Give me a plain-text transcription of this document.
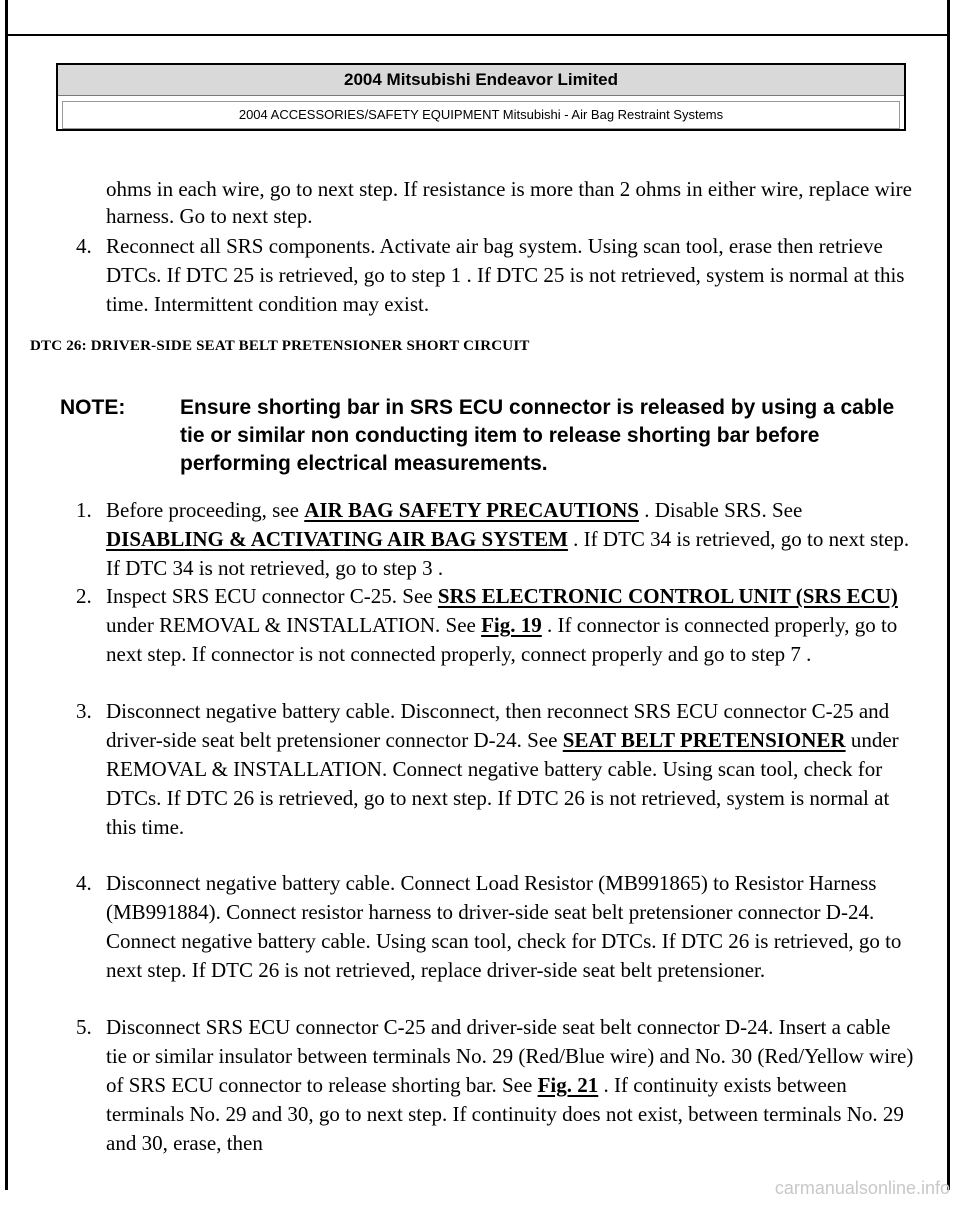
2004 Mitsubishi Endeavor Limited
2004 ACCESSORIES/SAFETY EQUIPMENT Mitsubishi - Air Bag Restraint Systems
ohms in each wire, go to next step. If resistance is more than 2 ohms in either wire, replace wire harness. Go to next step.
4. Reconnect all SRS components. Activate air bag system. Using scan tool, erase then retrieve DTCs. If DTC 25 is retrieved, go to step 1 . If DTC 25 is not retrieved, system is normal at this time. Intermittent condition may exist.
DTC 26: DRIVER-SIDE SEAT BELT PRETENSIONER SHORT CIRCUIT
NOTE:	Ensure shorting bar in SRS ECU connector is released by using a cable tie or similar non conducting item to release shorting bar before performing electrical measurements.
1. Before proceeding, see AIR BAG SAFETY PRECAUTIONS . Disable SRS. See DISABLING & ACTIVATING AIR BAG SYSTEM . If DTC 34 is retrieved, go to next step. If DTC 34 is not retrieved, go to step 3 .
2. Inspect SRS ECU connector C-25. See SRS ELECTRONIC CONTROL UNIT (SRS ECU) under REMOVAL & INSTALLATION. See Fig. 19 . If connector is connected properly, go to next step. If connector is not connected properly, connect properly and go to step 7 .
3. Disconnect negative battery cable. Disconnect, then reconnect SRS ECU connector C-25 and driver-side seat belt pretensioner connector D-24. See SEAT BELT PRETENSIONER under REMOVAL & INSTALLATION. Connect negative battery cable. Using scan tool, check for DTCs. If DTC 26 is retrieved, go to next step. If DTC 26 is not retrieved, system is normal at this time.
4. Disconnect negative battery cable. Connect Load Resistor (MB991865) to Resistor Harness (MB991884). Connect resistor harness to driver-side seat belt pretensioner connector D-24. Connect negative battery cable. Using scan tool, check for DTCs. If DTC 26 is retrieved, go to next step. If DTC 26 is not retrieved, replace driver-side seat belt pretensioner.
5. Disconnect SRS ECU connector C-25 and driver-side seat belt connector D-24. Insert a cable tie or similar insulator between terminals No. 29 (Red/Blue wire) and No. 30 (Red/Yellow wire) of SRS ECU connector to release shorting bar. See Fig. 21 . If continuity exists between terminals No. 29 and 30, go to next step. If continuity does not exist, between terminals No. 29 and 30, erase, then
carmanualsonline.info
